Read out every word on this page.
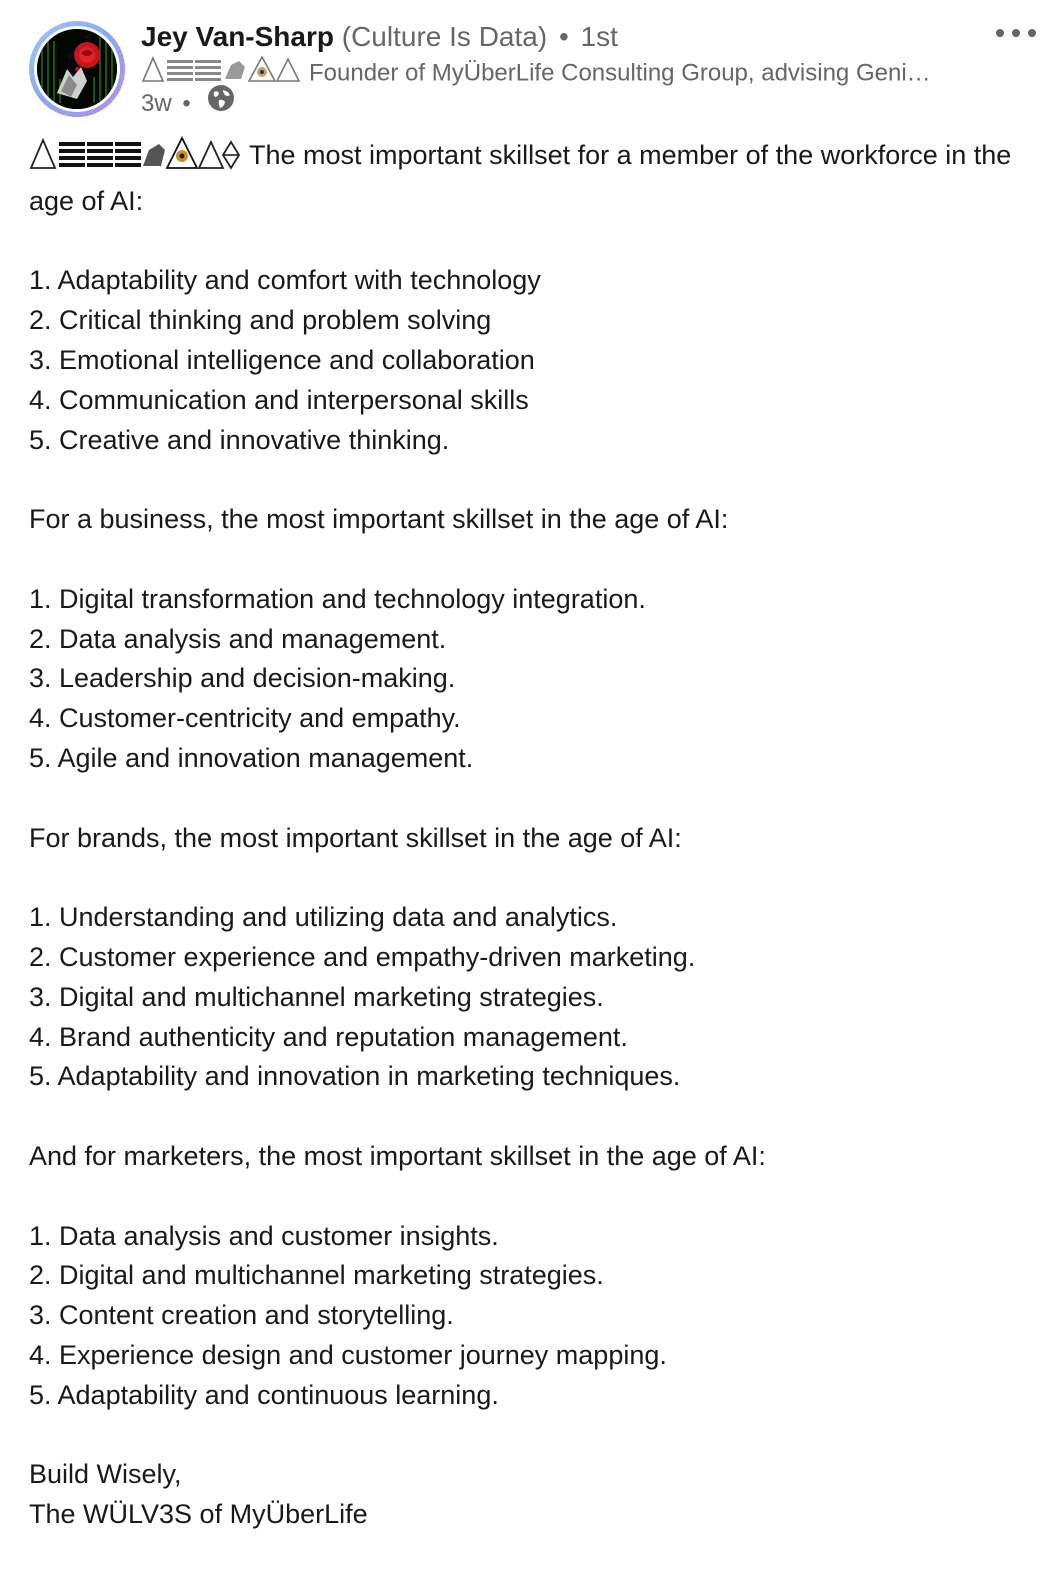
Jey Van-Sharp (Culture Is Data) • 1st
Founder of MyÜberLife Consulting Group, advising Geni…
3w •

The most important skillset for a member of the workforce in the age of AI:

1. Adaptability and comfort with technology

2. Critical thinking and problem solving

3. Emotional intelligence and collaboration

4. Communication and interpersonal skills

5. Creative and innovative thinking.

For a business, the most important skillset in the age of AI:

1. Digital transformation and technology integration.

2. Data analysis and management.

3. Leadership and decision-making.

4. Customer-centricity and empathy.

5. Agile and innovation management.

For brands, the most important skillset in the age of AI:

1. Understanding and utilizing data and analytics.

2. Customer experience and empathy-driven marketing.

3. Digital and multichannel marketing strategies.

4. Brand authenticity and reputation management.

5. Adaptability and innovation in marketing techniques.

And for marketers, the most important skillset in the age of AI:

1. Data analysis and customer insights.

2. Digital and multichannel marketing strategies.

3. Content creation and storytelling.

4. Experience design and customer journey mapping.

5. Adaptability and continuous learning.

Build Wisely,

The WÜLV3S of MyÜberLife
